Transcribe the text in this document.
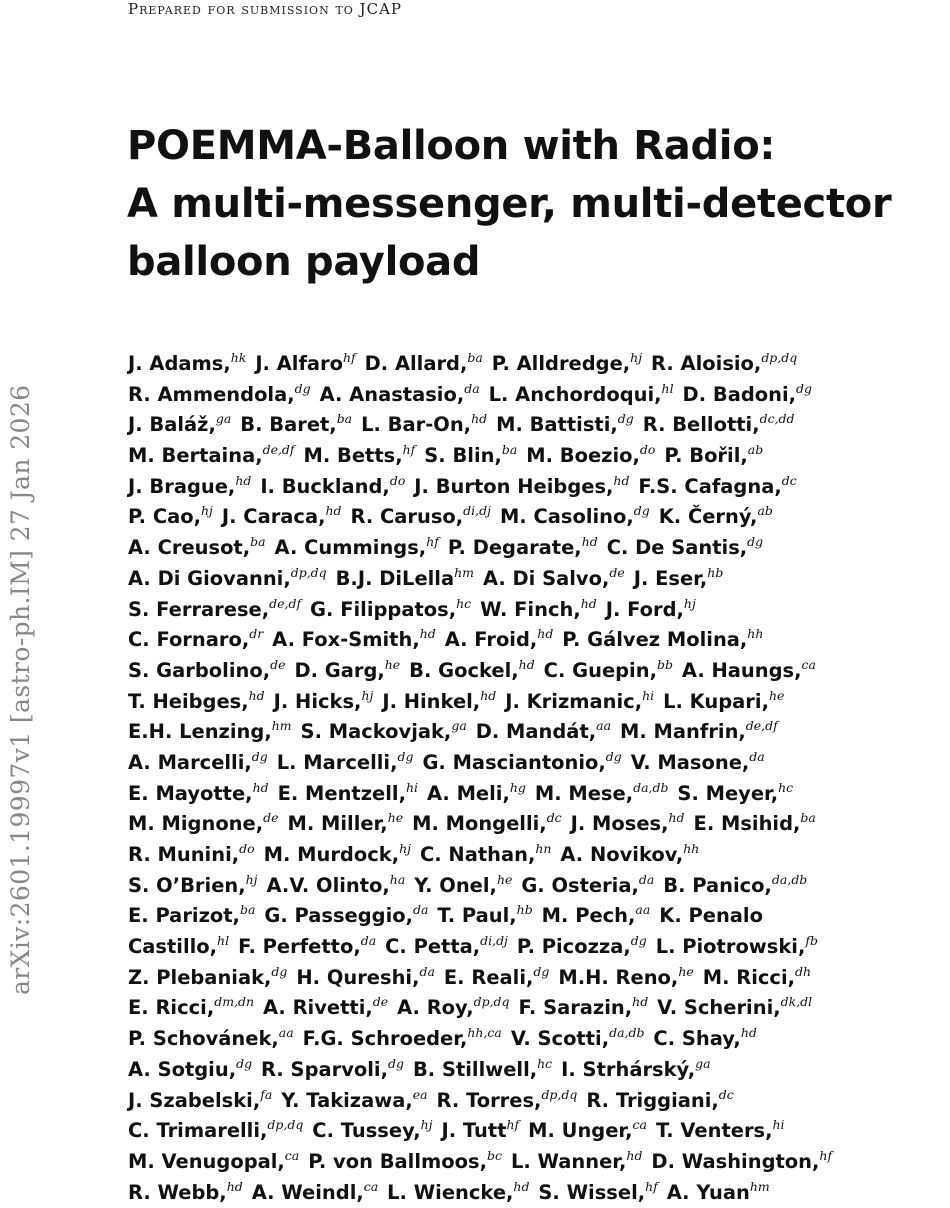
Prepared for submission to JCAP
arXiv:2601.19997v1 [astro-ph.IM] 27 Jan 2026
POEMMA-Balloon with Radio:
A multi-messenger, multi-detector
balloon payload
J. Adams,$^{hk}$ J. Alfaro$^{hf}$ D. Allard,$^{ba}$ P. Alldredge,$^{hj}$ R. Aloisio,$^{dp,dq}$
R. Ammendola,$^{dg}$ A. Anastasio,$^{da}$ L. Anchordoqui,$^{hl}$ D. Badoni,$^{dg}$
J. Baláž,$^{ga}$ B. Baret,$^{ba}$ L. Bar-On,$^{hd}$ M. Battisti,$^{dg}$ R. Bellotti,$^{dc,dd}$
M. Bertaina,$^{de,df}$ M. Betts,$^{hf}$ S. Blin,$^{ba}$ M. Boezio,$^{do}$ P. Bořil,$^{ab}$
J. Brague,$^{hd}$ I. Buckland,$^{do}$ J. Burton Heibges,$^{hd}$ F.S. Cafagna,$^{dc}$
P. Cao,$^{hj}$ J. Caraca,$^{hd}$ R. Caruso,$^{di,dj}$ M. Casolino,$^{dg}$ K. Černý,$^{ab}$
A. Creusot,$^{ba}$ A. Cummings,$^{hf}$ P. Degarate,$^{hd}$ C. De Santis,$^{dg}$
A. Di Giovanni,$^{dp,dq}$ B.J. DiLella$^{hm}$ A. Di Salvo,$^{de}$ J. Eser,$^{hb}$
S. Ferrarese,$^{de,df}$ G. Filippatos,$^{hc}$ W. Finch,$^{hd}$ J. Ford,$^{hj}$
C. Fornaro,$^{dr}$ A. Fox-Smith,$^{hd}$ A. Froid,$^{hd}$ P. Gálvez Molina,$^{hh}$
S. Garbolino,$^{de}$ D. Garg,$^{he}$ B. Gockel,$^{hd}$ C. Guepin,$^{bb}$ A. Haungs,$^{ca}$
T. Heibges,$^{hd}$ J. Hicks,$^{hj}$ J. Hinkel,$^{hd}$ J. Krizmanic,$^{hi}$ L. Kupari,$^{he}$
E.H. Lenzing,$^{hm}$ S. Mackovjak,$^{ga}$ D. Mandát,$^{aa}$ M. Manfrin,$^{de,df}$
A. Marcelli,$^{dg}$ L. Marcelli,$^{dg}$ G. Masciantonio,$^{dg}$ V. Masone,$^{da}$
E. Mayotte,$^{hd}$ E. Mentzell,$^{hi}$ A. Meli,$^{hg}$ M. Mese,$^{da,db}$ S. Meyer,$^{hc}$
M. Mignone,$^{de}$ M. Miller,$^{he}$ M. Mongelli,$^{dc}$ J. Moses,$^{hd}$ E. Msihid,$^{ba}$
R. Munini,$^{do}$ M. Murdock,$^{hj}$ C. Nathan,$^{hn}$ A. Novikov,$^{hh}$
S. O’Brien,$^{hj}$ A.V. Olinto,$^{ha}$ Y. Onel,$^{he}$ G. Osteria,$^{da}$ B. Panico,$^{da,db}$
E. Parizot,$^{ba}$ G. Passeggio,$^{da}$ T. Paul,$^{hb}$ M. Pech,$^{aa}$ K. Penalo
Castillo,$^{hl}$ F. Perfetto,$^{da}$ C. Petta,$^{di,dj}$ P. Picozza,$^{dg}$ L. Piotrowski,$^{fb}$
Z. Plebaniak,$^{dg}$ H. Qureshi,$^{da}$ E. Reali,$^{dg}$ M.H. Reno,$^{he}$ M. Ricci,$^{dh}$
E. Ricci,$^{dm,dn}$ A. Rivetti,$^{de}$ A. Roy,$^{dp,dq}$ F. Sarazin,$^{hd}$ V. Scherini,$^{dk,dl}$
P. Schovánek,$^{aa}$ F.G. Schroeder,$^{hh,ca}$ V. Scotti,$^{da,db}$ C. Shay,$^{hd}$
A. Sotgiu,$^{dg}$ R. Sparvoli,$^{dg}$ B. Stillwell,$^{hc}$ I. Strhárský,$^{ga}$
J. Szabelski,$^{fa}$ Y. Takizawa,$^{ea}$ R. Torres,$^{dp,dq}$ R. Triggiani,$^{dc}$
C. Trimarelli,$^{dp,dq}$ C. Tussey,$^{hj}$ J. Tutt$^{hf}$ M. Unger,$^{ca}$ T. Venters,$^{hi}$
M. Venugopal,$^{ca}$ P. von Ballmoos,$^{bc}$ L. Wanner,$^{hd}$ D. Washington,$^{hf}$
R. Webb,$^{hd}$ A. Weindl,$^{ca}$ L. Wiencke,$^{hd}$ S. Wissel,$^{hf}$ A. Yuan$^{hm}$
